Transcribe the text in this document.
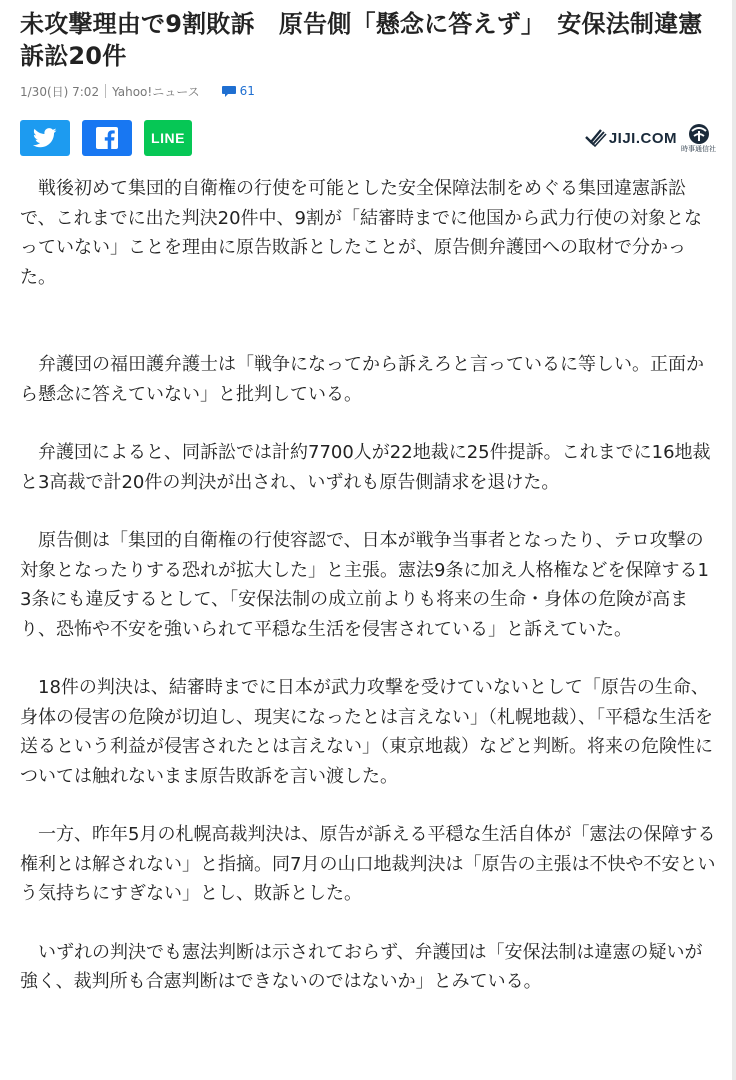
未攻撃理由で9割敗訴　原告側「懸念に答えず」　安保法制違憲訴訟20件
1/30(日) 7:02 Yahoo!ニュース	61
LINE	JIJI.COM
時事通信社

戦後初めて集団的自衛権の行使を可能とした安全保障法制をめぐる集団違憲訴訟で、これまでに出た判決20件中、9割が「結審時までに他国から武力行使の対象となっていない」ことを理由に原告敗訴としたことが、原告側弁護団への取材で分かった。

弁護団の福田護弁護士は「戦争になってから訴えろと言っているに等しい。正面から懸念に答えていない」と批判している。

弁護団によると、同訴訟では計約7700人が22地裁に25件提訴。これまでに16地裁と3高裁で計20件の判決が出され、いずれも原告側請求を退けた。

原告側は「集団的自衛権の行使容認で、日本が戦争当事者となったり、テロ攻撃の対象となったりする恐れが拡大した」と主張。憲法9条に加え人格権などを保障する13条にも違反するとして、「安保法制の成立前よりも将来の生命・身体の危険が高まり、恐怖や不安を強いられて平穏な生活を侵害されている」と訴えていた。

18件の判決は、結審時までに日本が武力攻撃を受けていないとして「原告の生命、身体の侵害の危険が切迫し、現実になったとは言えない」（札幌地裁）、「平穏な生活を送るという利益が侵害されたとは言えない」（東京地裁）などと判断。将来の危険性については触れないまま原告敗訴を言い渡した。

一方、昨年5月の札幌高裁判決は、原告が訴える平穏な生活自体が「憲法の保障する権利とは解されない」と指摘。同7月の山口地裁判決は「原告の主張は不快や不安という気持ちにすぎない」とし、敗訴とした。

いずれの判決でも憲法判断は示されておらず、弁護団は「安保法制は違憲の疑いが強く、裁判所も合憲判断はできないのではないか」とみている。
